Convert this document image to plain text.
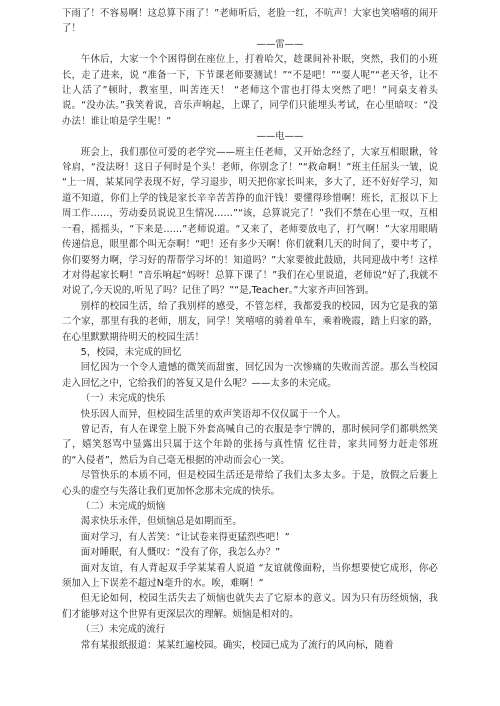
下雨了！不容易啊！这总算下雨了！”老师听后，老脸一红，不吭声！大家也笑嘻嘻的闹开了！

——雷——

午休后，大家一个个困得倒在座位上，打着哈欠，趁课间补补眠，突然，我们的小班长，走了进来，说 “准备一下，下节课老师要测试！”“不是吧！”“耍人呢”“老天爷，让不让人活了”顿时，教室里，叫苦连天！ “老师这个雷也打得太突然了吧！”同桌支着头说。“没办法。”我笑着说，音乐声响起，上课了，同学们只能埋头考试，在心里暗叹：“没办法！谁让咱是学生呢！”

——电——

班会上，我们那位可爱的老学究——班主任老师，又开始念经了，大家互相眼瞅，耸耸肩，“没法呀！这日子何时是个头！老师，你别念了！”“救命啊！”班主任屈头一皱，说 “上一周，某某同学表现不好，学习退步，明天把你家长叫来，多大了，还不好好学习，知道不知道，你们上学的钱是家长辛辛苦苦挣的血汗钱！要懂得珍惜啊！班长，汇报以下上周工作……，劳动委员说说卫生情况……”“该，总算说完了！”我们不禁在心里一叹，互相一看，摇摇头，“下来是……”老师说道。“又来了，老师要放电了，打气啊！”大家用眼睛传递信息，眼里都个叫无奈啊！“吧！还有多少天啊！你们就剩几天的时间了，要中考了，你们要努力啊，学习好的帮帮学习坏的！知道吗？”大家要彼此鼓励，共同迎战中考！这样才对得起家长啊！”音乐响起“妈呀！总算下课了！”我们在心里说道，老师说“好了,我就不对说了,今天说的,听见了吗？记住了吗？”“是,Teacher。”大家齐声回答到。

别样的校园生活，给了我别样的感受，不管怎样，我都爱我的校园，因为它是我的第二个家，那里有我的老师，朋友，同学！笑嘻嘻的骑着单车，乘着晚霞，踏上归家的路，在心里默默期待明天的校园生活！

5，校园，未完成的回忆

回忆因为一个令人遗憾的微笑而甜蜜，回忆因为一次惨痛的失败而苦涩。那么当校园走入回忆之中，它给我们的答复又是什么呢？——太多的未完成。

（一）未完成的快乐

快乐因人而异，但校园生活里的欢声笑语却不仅仅属于一个人。

曾记否，有人在课堂上脱下外套高喊自己的衣服是李宁牌的，那时候同学们都哄然笑了，嬉笑怒骂中显露出只属于这个年龄的张扬与真性情 忆往昔，家共同努力赶走邻班的“入侵者”，然后为自己毫无根据的冲动而会心一笑。

尽管快乐的本质不同，但是校园生活还是带给了我们太多太多。于是，放假之后裹上心头的虚空与失落让我们更加怀念那未完成的快乐。

（二）未完成的烦恼

渴求快乐永伴，但烦恼总是如期而至。

面对学习，有人苦笑：“让试卷来得更猛烈些吧！”

面对睡眠，有人慨叹：“没有了你，我怎么办？”

面对友谊，有人背起双手学某某看人说道 “友谊就像面粉，当你想要使它成形，你必须加入上下误差不超过N毫升的水。唉，难啊！”

但无论如何，校园生活失去了烦恼也就失去了它原本的意义。因为只有历经烦恼，我们才能够对这个世界有更深层次的理解。烦恼是相对的。

（三）未完成的流行

常有某报纸报道：某某红遍校园。确实，校园已成为了流行的风向标，随着
